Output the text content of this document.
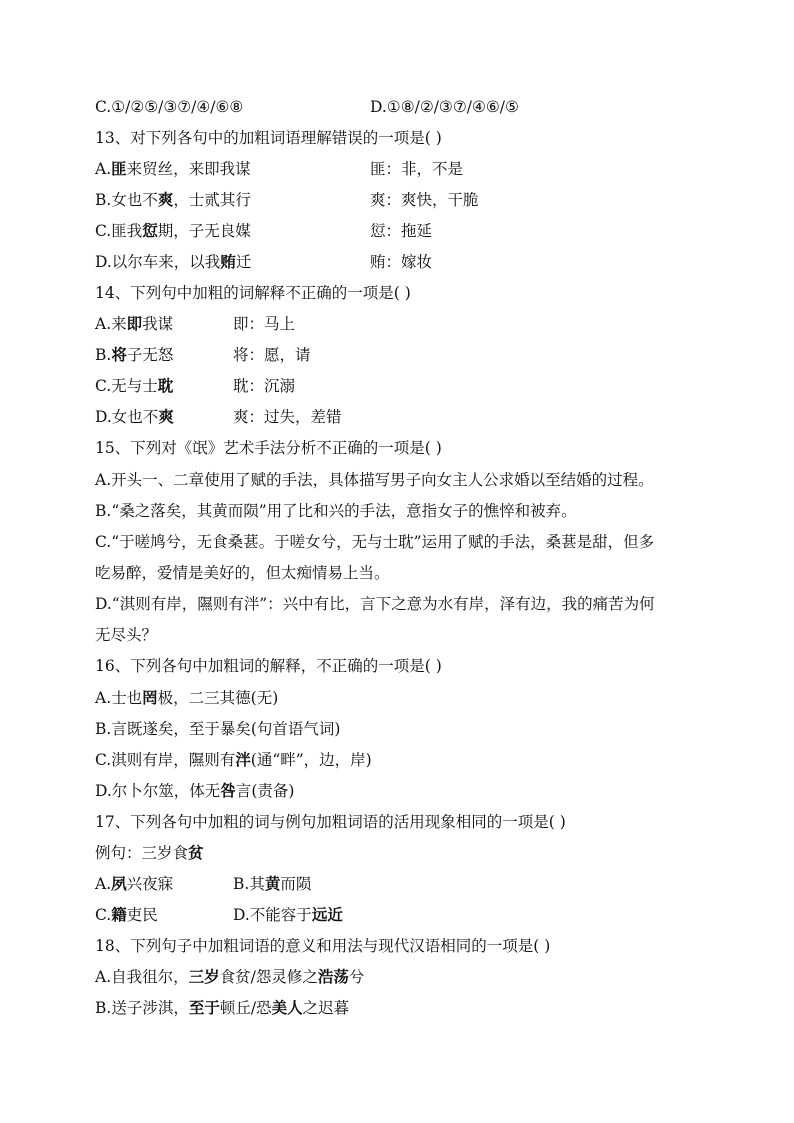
C.①/②⑤/③⑦/④/⑥⑧	D.①⑧/②/③⑦/④⑥/⑤
13、对下列各句中的加粗词语理解错误的一项是( )
A.匪来贸丝，来即我谋	匪：非，不是
B.女也不爽，士贰其行	爽：爽快，干脆
C.匪我愆期，子无良媒	愆：拖延
D.以尔车来，以我贿迁	贿：嫁妆
14、下列句中加粗的词解释不正确的一项是( )
A.来即我谋	即：马上
B.将子无怒	将：愿，请
C.无与士耽	耽：沉溺
D.女也不爽	爽：过失，差错
15、下列对《氓》艺术手法分析不正确的一项是( )
A.开头一、二章使用了赋的手法，具体描写男子向女主人公求婚以至结婚的过程。
B.“桑之落矣，其黄而陨”用了比和兴的手法，意指女子的憔悴和被弃。
C.“于嗟鸠兮，无食桑葚。于嗟女兮，无与士耽”运用了赋的手法，桑葚是甜，但多
吃易醉，爱情是美好的，但太痴情易上当。
D.“淇则有岸，隰则有泮”：兴中有比，言下之意为水有岸，泽有边，我的痛苦为何
无尽头？
16、下列各句中加粗词的解释，不正确的一项是( )
A.士也罔极，二三其德(无)
B.言既遂矣，至于暴矣(句首语气词)
C.淇则有岸，隰则有泮(通“畔”，边，岸)
D.尔卜尔筮，体无咎言(责备)
17、下列各句中加粗的词与例句加粗词语的活用现象相同的一项是( )
例句：三岁食贫
A.夙兴夜寐	B.其黄而陨
C.籍吏民	D.不能容于远近
18、下列句子中加粗词语的意义和用法与现代汉语相同的一项是( )
A.自我徂尔，三岁食贫/怨灵修之浩荡兮
B.送子涉淇，至于顿丘/恐美人之迟暮
